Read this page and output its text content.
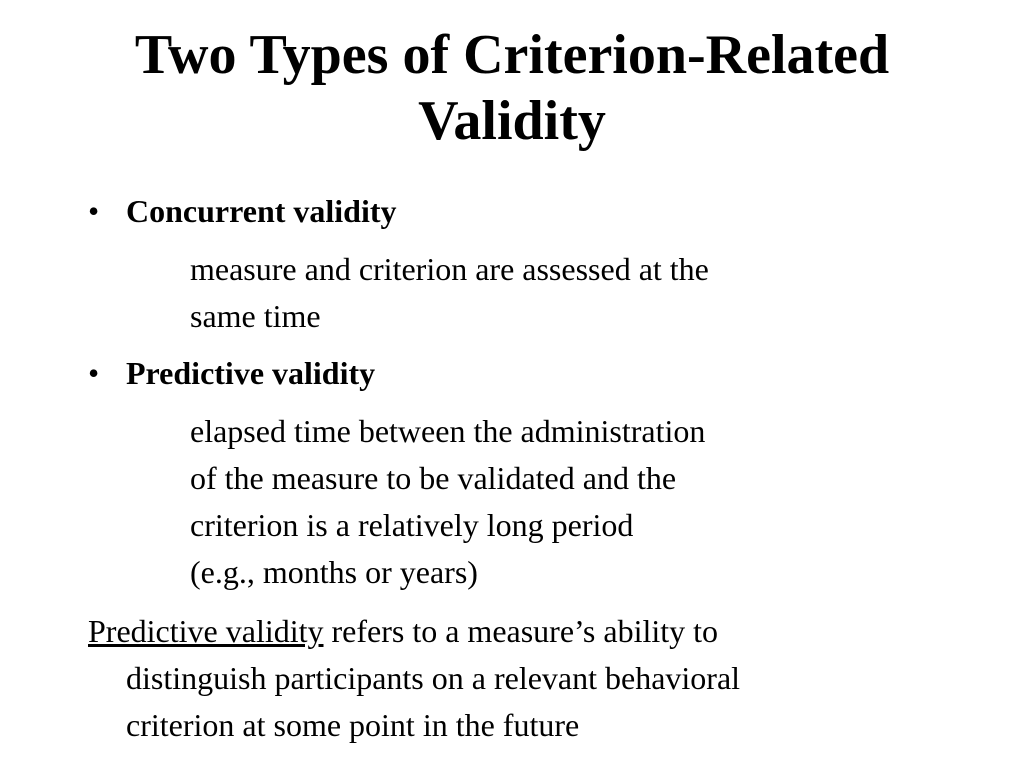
Two Types of Criterion-Related
Validity
• Concurrent validity
measure and criterion are assessed at the
same time
• Predictive validity
elapsed time between the administration
of the measure to be validated and the
criterion is a relatively long period
(e.g., months or years)
Predictive validity refers to a measure’s ability to
distinguish participants on a relevant behavioral
criterion at some point in the future
